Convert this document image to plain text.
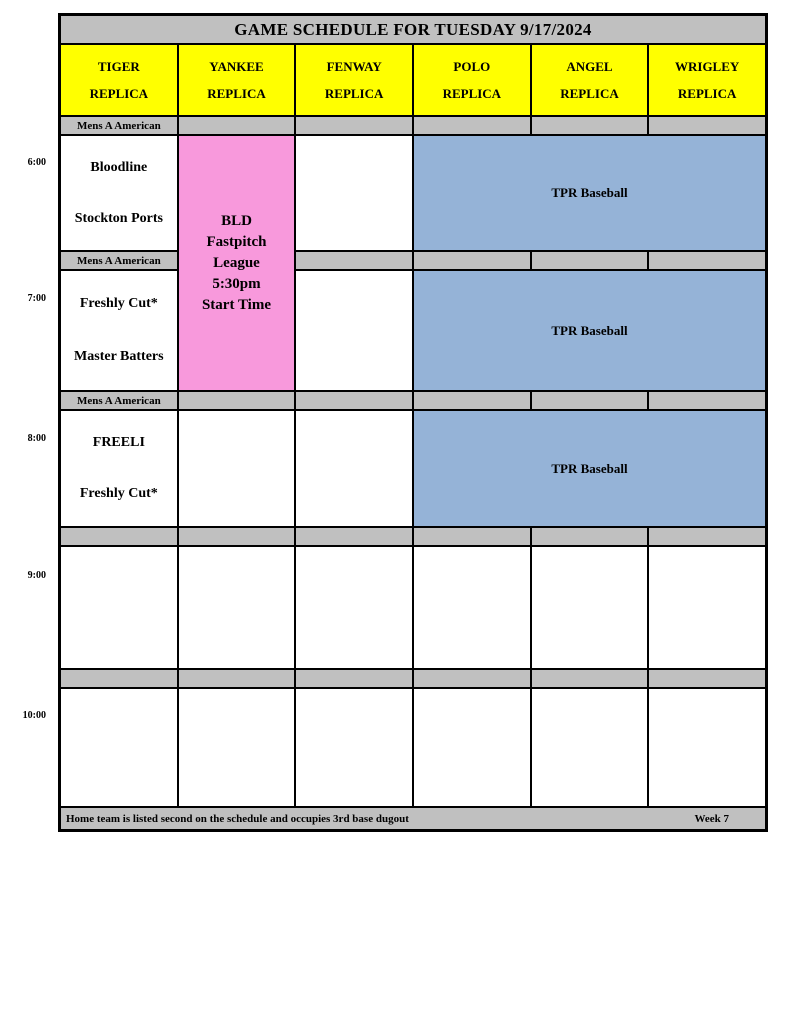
6:00
7:00
8:00
9:00
10:00
GAME SCHEDULE FOR TUESDAY 9/17/2024
TIGER
REPLICA
YANKEE
REPLICA
FENWAY
REPLICA
POLO
REPLICA
ANGEL
REPLICA
WRIGLEY
REPLICA
Mens A American
Bloodline
Stockton Ports	BLD
Fastpitch
League
5:30pm
Start Time
TPR Baseball
Mens A American
Freshly Cut*
Master Batters
TPR Baseball
Mens A American
FREELI
Freshly Cut*
TPR Baseball
Home team is listed second on the schedule and occupies 3rd base dugout	Week 7
